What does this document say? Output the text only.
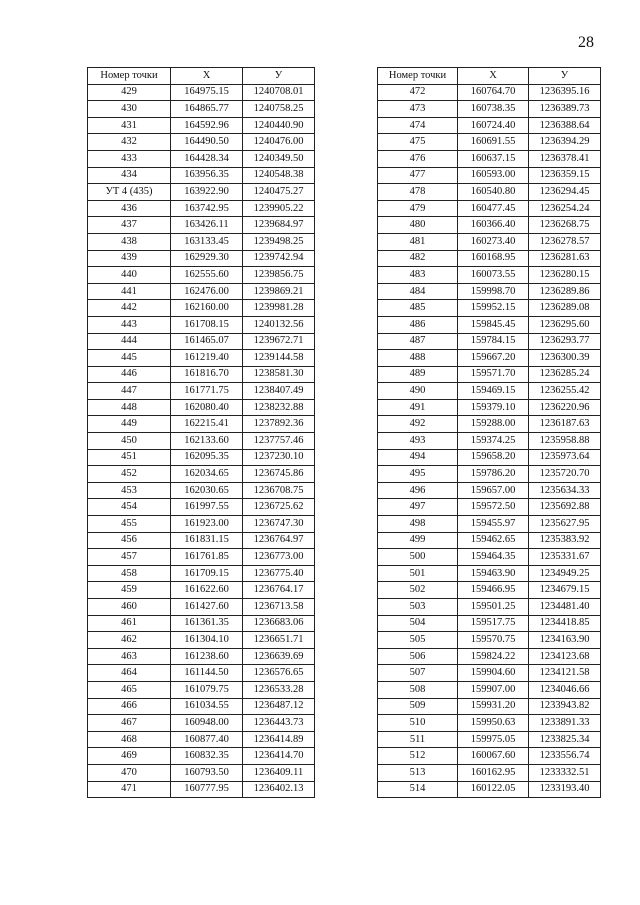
28
Номер точки	X	У
429	164975.15	1240708.01
430	164865.77	1240758.25
431	164592.96	1240440.90
432	164490.50	1240476.00
433	164428.34	1240349.50
434	163956.35	1240548.38
УТ 4 (435)	163922.90	1240475.27
436	163742.95	1239905.22
437	163426.11	1239684.97
438	163133.45	1239498.25
439	162929.30	1239742.94
440	162555.60	1239856.75
441	162476.00	1239869.21
442	162160.00	1239981.28
443	161708.15	1240132.56
444	161465.07	1239672.71
445	161219.40	1239144.58
446	161816.70	1238581.30
447	161771.75	1238407.49
448	162080.40	1238232.88
449	162215.41	1237892.36
450	162133.60	1237757.46
451	162095.35	1237230.10
452	162034.65	1236745.86
453	162030.65	1236708.75
454	161997.55	1236725.62
455	161923.00	1236747.30
456	161831.15	1236764.97
457	161761.85	1236773.00
458	161709.15	1236775.40
459	161622.60	1236764.17
460	161427.60	1236713.58
461	161361.35	1236683.06
462	161304.10	1236651.71
463	161238.60	1236639.69
464	161144.50	1236576.65
465	161079.75	1236533.28
466	161034.55	1236487.12
467	160948.00	1236443.73
468	160877.40	1236414.89
469	160832.35	1236414.70
470	160793.50	1236409.11
471	160777.95	1236402.13
Номер точки	X	У
472	160764.70	1236395.16
473	160738.35	1236389.73
474	160724.40	1236388.64
475	160691.55	1236394.29
476	160637.15	1236378.41
477	160593.00	1236359.15
478	160540.80	1236294.45
479	160477.45	1236254.24
480	160366.40	1236268.75
481	160273.40	1236278.57
482	160168.95	1236281.63
483	160073.55	1236280.15
484	159998.70	1236289.86
485	159952.15	1236289.08
486	159845.45	1236295.60
487	159784.15	1236293.77
488	159667.20	1236300.39
489	159571.70	1236285.24
490	159469.15	1236255.42
491	159379.10	1236220.96
492	159288.00	1236187.63
493	159374.25	1235958.88
494	159658.20	1235973.64
495	159786.20	1235720.70
496	159657.00	1235634.33
497	159572.50	1235692.88
498	159455.97	1235627.95
499	159462.65	1235383.92
500	159464.35	1235331.67
501	159463.90	1234949.25
502	159466.95	1234679.15
503	159501.25	1234481.40
504	159517.75	1234418.85
505	159570.75	1234163.90
506	159824.22	1234123.68
507	159904.60	1234121.58
508	159907.00	1234046.66
509	159931.20	1233943.82
510	159950.63	1233891.33
511	159975.05	1233825.34
512	160067.60	1233556.74
513	160162.95	1233332.51
514	160122.05	1233193.40
